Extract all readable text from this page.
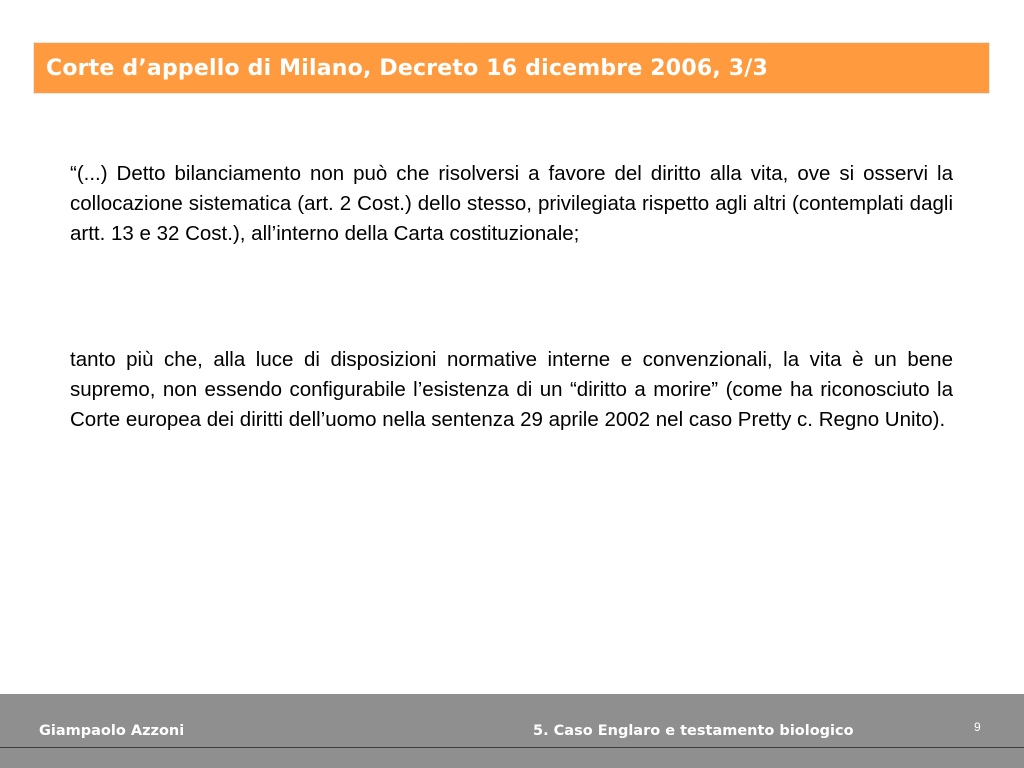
Corte d’appello di Milano, Decreto 16 dicembre 2006, 3/3

“(...) Detto bilanciamento non può che risolversi a favore del diritto alla vita, ove si osservi la collocazione sistematica (art. 2 Cost.) dello stesso, privilegiata rispetto agli altri (contemplati dagli artt. 13 e 32 Cost.), all’interno della Carta costituzionale;

tanto più che, alla luce di disposizioni normative interne e convenzionali, la vita è un bene supremo, non essendo configurabile l’esistenza di un “diritto a morire” (come ha riconosciuto la Corte europea dei diritti dell’uomo nella sentenza 29 aprile 2002 nel caso Pretty c. Regno Unito).

Giampaolo Azzoni	5. Caso Englaro e testamento biologico	9
